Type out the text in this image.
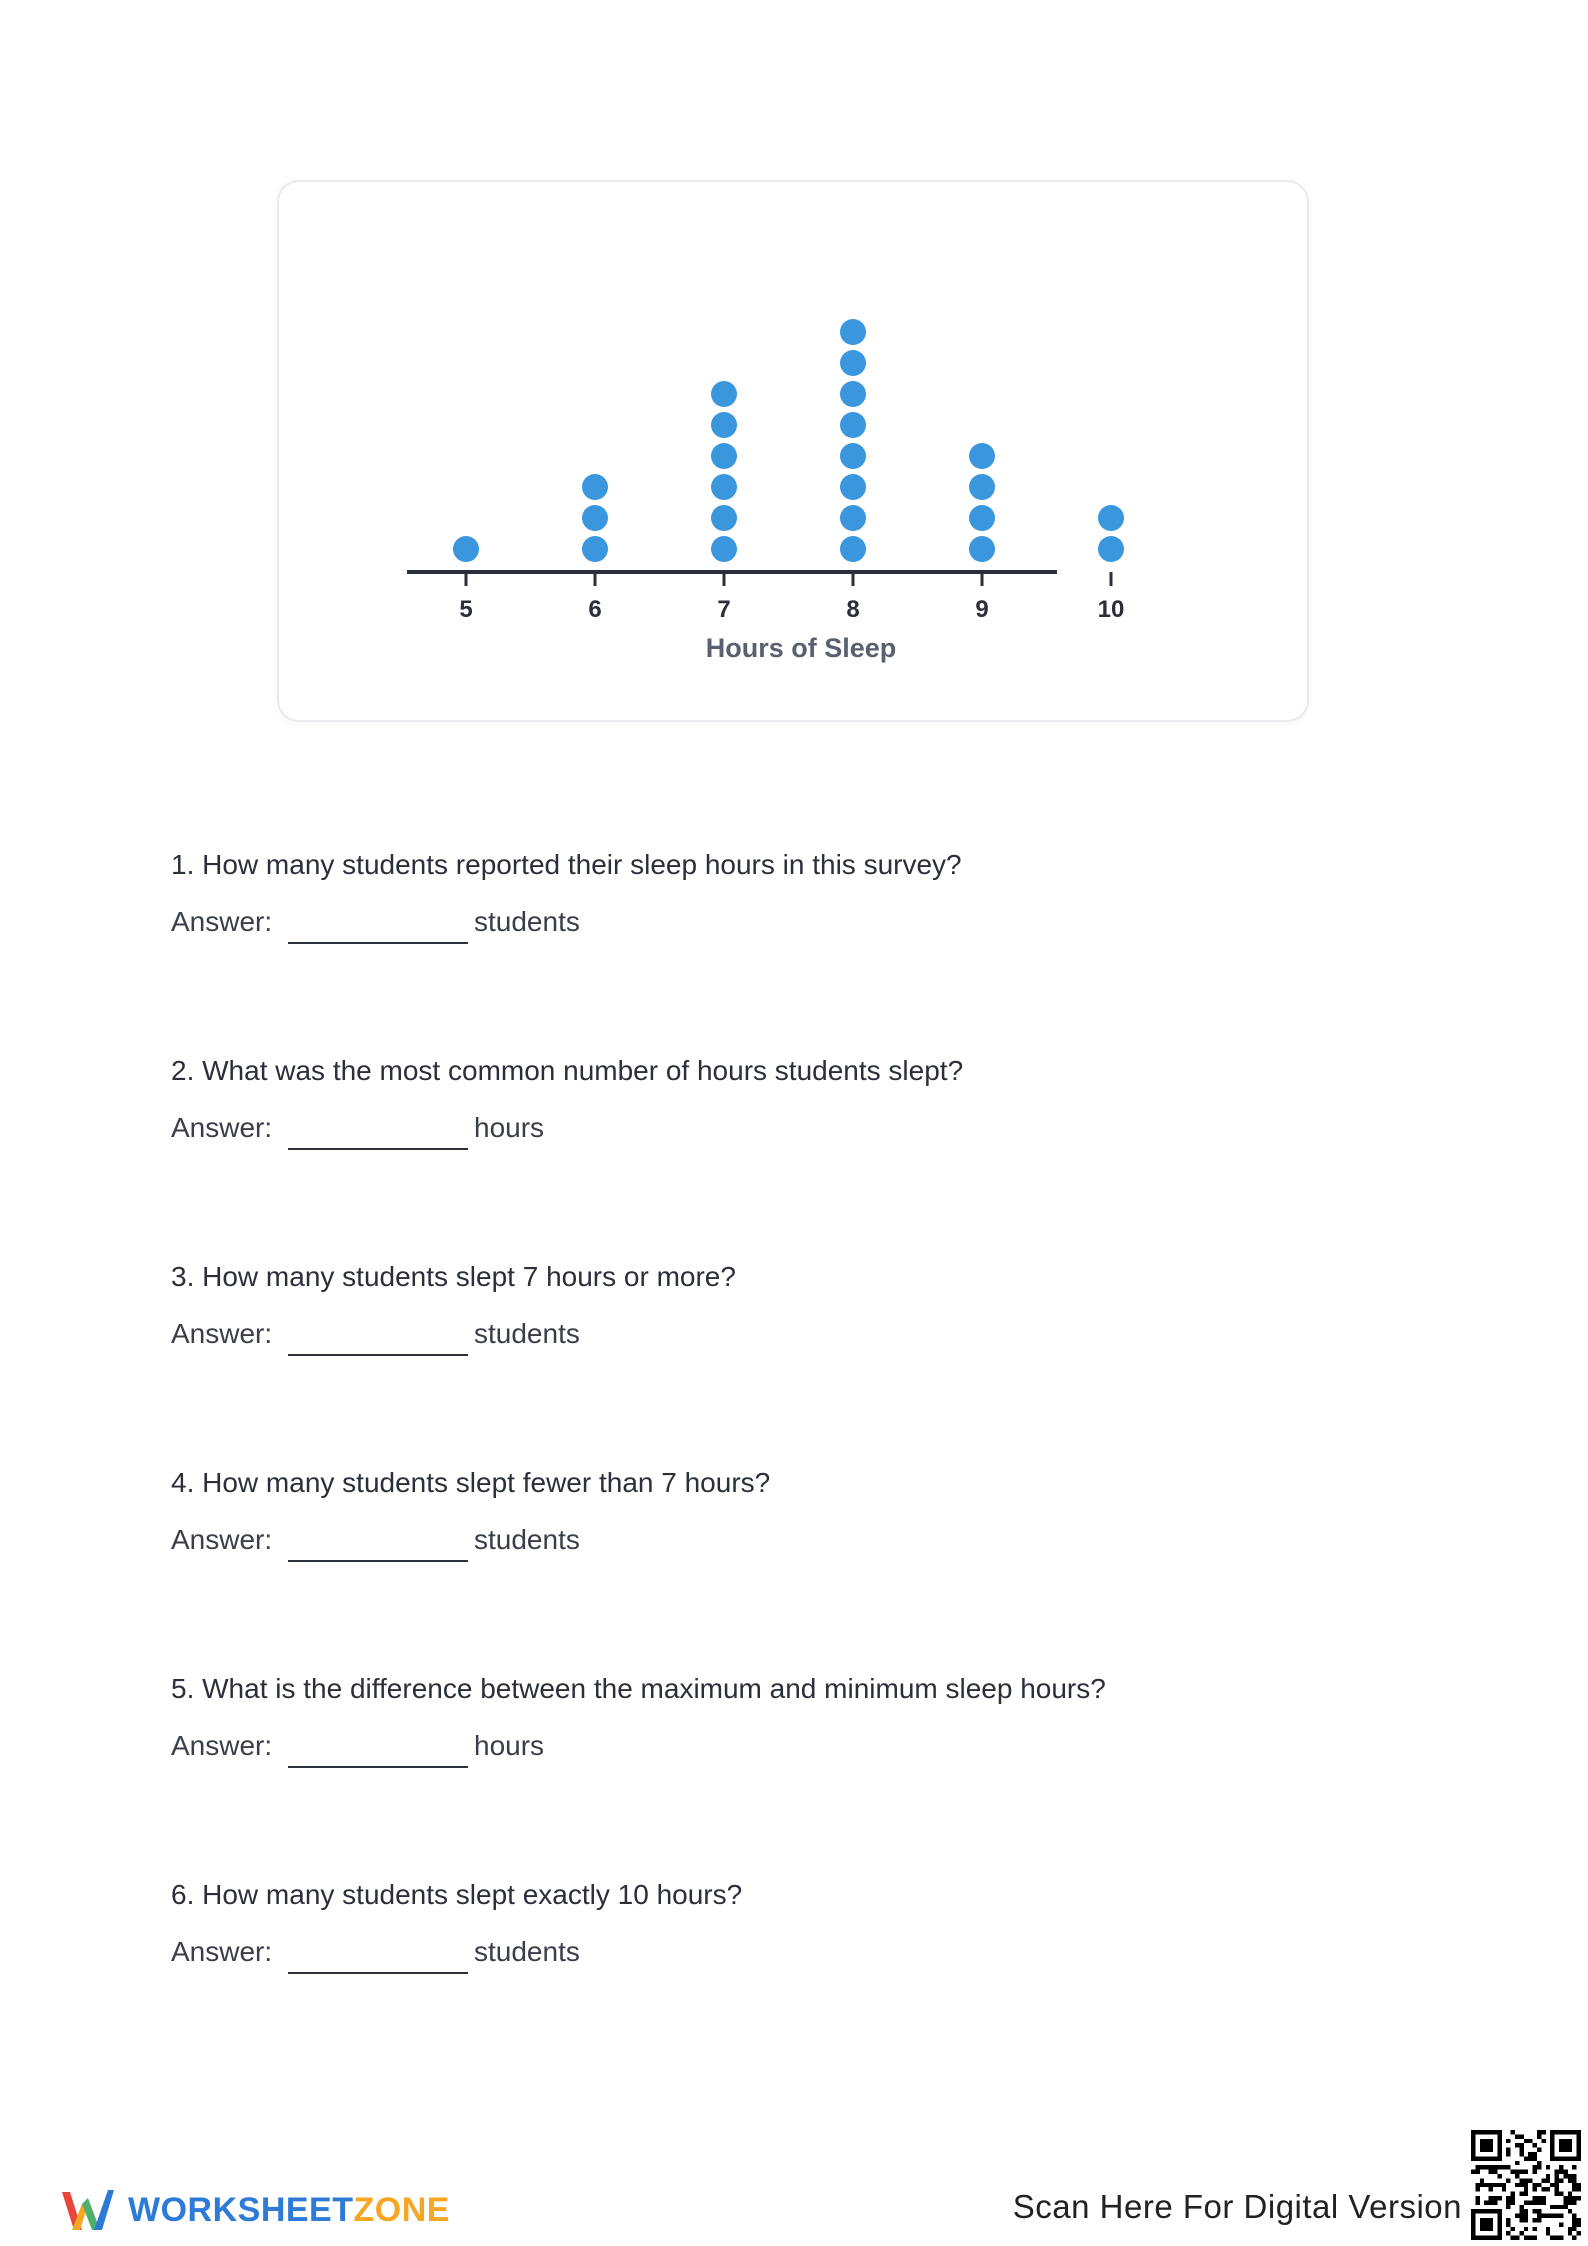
5	6	7	8	9	10
Hours of Sleep
1. How many students reported their sleep hours in this survey?
Answer:	students
2. What was the most common number of hours students slept?
Answer:	hours
3. How many students slept 7 hours or more?
Answer:	students
4. How many students slept fewer than 7 hours?
Answer:	students
5. What is the difference between the maximum and minimum sleep hours?
Answer:	hours
6. How many students slept exactly 10 hours?
Answer:	students
WORKSHEETZONE	Scan Here For Digital Version
